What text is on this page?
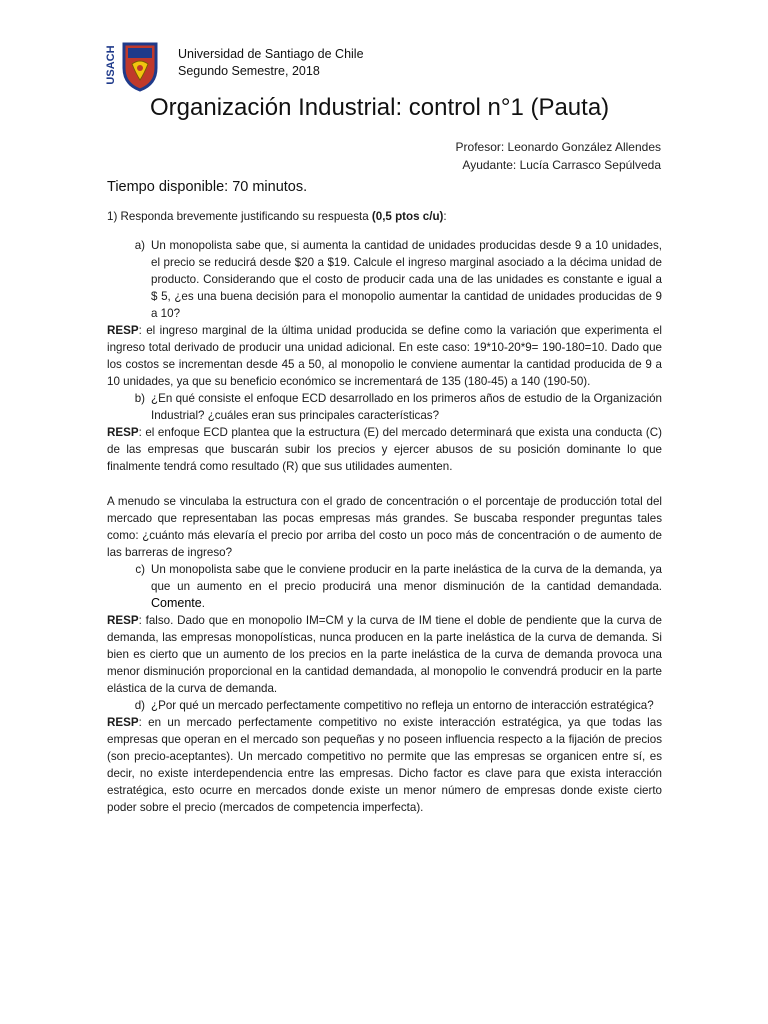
USACH	Universidad de Santiago de Chile
Segundo Semestre, 2018
Organización Industrial: control n°1 (Pauta)
Profesor: Leonardo González Allendes
Ayudante: Lucía Carrasco Sepúlveda
Tiempo disponible: 70 minutos.

1) Responda brevemente justificando su respuesta (0,5 ptos c/u):

a) Un monopolista sabe que, si aumenta la cantidad de unidades producidas desde 9 a 10 unidades, el precio se reducirá desde $20 a $19. Calcule el ingreso marginal asociado a la décima unidad de producto. Considerando que el costo de producir cada una de las unidades es constante e igual a $ 5, ¿es una buena decisión para el monopolio aumentar la cantidad de unidades producidas de 9 a 10?

RESP: el ingreso marginal de la última unidad producida se define como la variación que experimenta el ingreso total derivado de producir una unidad adicional. En este caso: 19*10-20*9= 190-180=10. Dado que los costos se incrementan desde 45 a 50, al monopolio le conviene aumentar la cantidad producida de 9 a 10 unidades, ya que su beneficio económico se incrementará de 135 (180-45) a 140 (190-50).

b) ¿En qué consiste el enfoque ECD desarrollado en los primeros años de estudio de la Organización Industrial? ¿cuáles eran sus principales características?

RESP: el enfoque ECD plantea que la estructura (E) del mercado determinará que exista una conducta (C) de las empresas que buscarán subir los precios y ejercer abusos de su posición dominante lo que finalmente tendrá como resultado (R) que sus utilidades aumenten.

A menudo se vinculaba la estructura con el grado de concentración o el porcentaje de producción total del mercado que representaban las pocas empresas más grandes. Se buscaba responder preguntas tales como: ¿cuánto más elevaría el precio por arriba del costo un poco más de concentración o de aumento de las barreras de ingreso?

c) Un monopolista sabe que le conviene producir en la parte inelástica de la curva de la demanda, ya que un aumento en el precio producirá una menor disminución de la cantidad demandada. Comente.

RESP: falso. Dado que en monopolio IM=CM y la curva de IM tiene el doble de pendiente que la curva de demanda, las empresas monopolísticas, nunca producen en la parte inelástica de la curva de demanda. Si bien es cierto que un aumento de los precios en la parte inelástica de la curva de demanda provoca una menor disminución proporcional en la cantidad demandada, al monopolio le convendrá producir en la parte elástica de la curva de demanda.

d) ¿Por qué un mercado perfectamente competitivo no refleja un entorno de interacción estratégica?

RESP: en un mercado perfectamente competitivo no existe interacción estratégica, ya que todas las empresas que operan en el mercado son pequeñas y no poseen influencia respecto a la fijación de precios (son precio-aceptantes). Un mercado competitivo no permite que las empresas se organicen entre sí, es decir, no existe interdependencia entre las empresas. Dicho factor es clave para que exista interacción estratégica, esto ocurre en mercados donde existe un menor número de empresas donde existe cierto poder sobre el precio (mercados de competencia imperfecta).
